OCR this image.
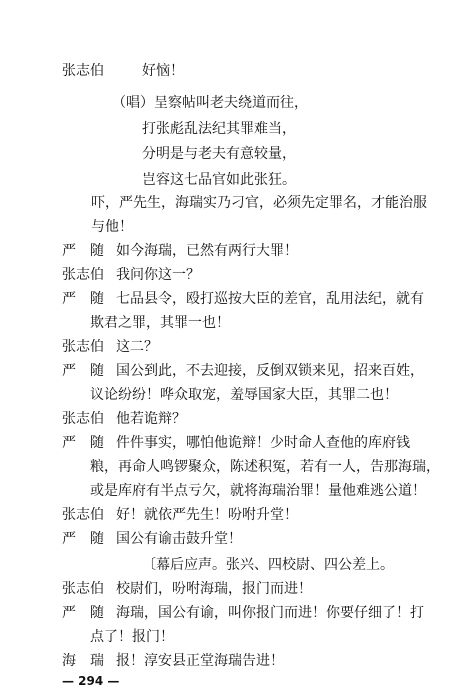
张志伯	好恼！
（唱）呈察帖叫老夫绕道而往，
打张彪乱法纪其罪难当，
分明是与老夫有意较量，
岂容这七品官如此张狂。
吓，严先生，海瑞实乃刁官，必须先定罪名，才能治服
与他！
严　随 如今海瑞，已然有两行大罪！
张志伯 我问你这一？
严　随 七品县令，殴打巡按大臣的差官，乱用法纪，就有
欺君之罪，其罪一也！
张志伯 这二？
严　随 国公到此，不去迎接，反倒双锁来见，招来百姓，
议论纷纷！哗众取宠，羞辱国家大臣，其罪二也！
张志伯 他若诡辩？
严　随 件件事实，哪怕他诡辩！少时命人查他的库府钱
粮，再命人鸣锣聚众，陈述积冤，若有一人，告那海瑞，
或是库府有半点亏欠，就将海瑞治罪！量他难逃公道！
张志伯 好！就依严先生！吩咐升堂！
严　随 国公有谕击鼓升堂！
〔幕后应声。张兴、四校尉、四公差上。
张志伯 校尉们，吩咐海瑞，报门而进！
严　随 海瑞，国公有谕，叫你报门而进！你要仔细了！打
点了！报门！
— 294 —
海　瑞 报！淳安县正堂海瑞告进！
